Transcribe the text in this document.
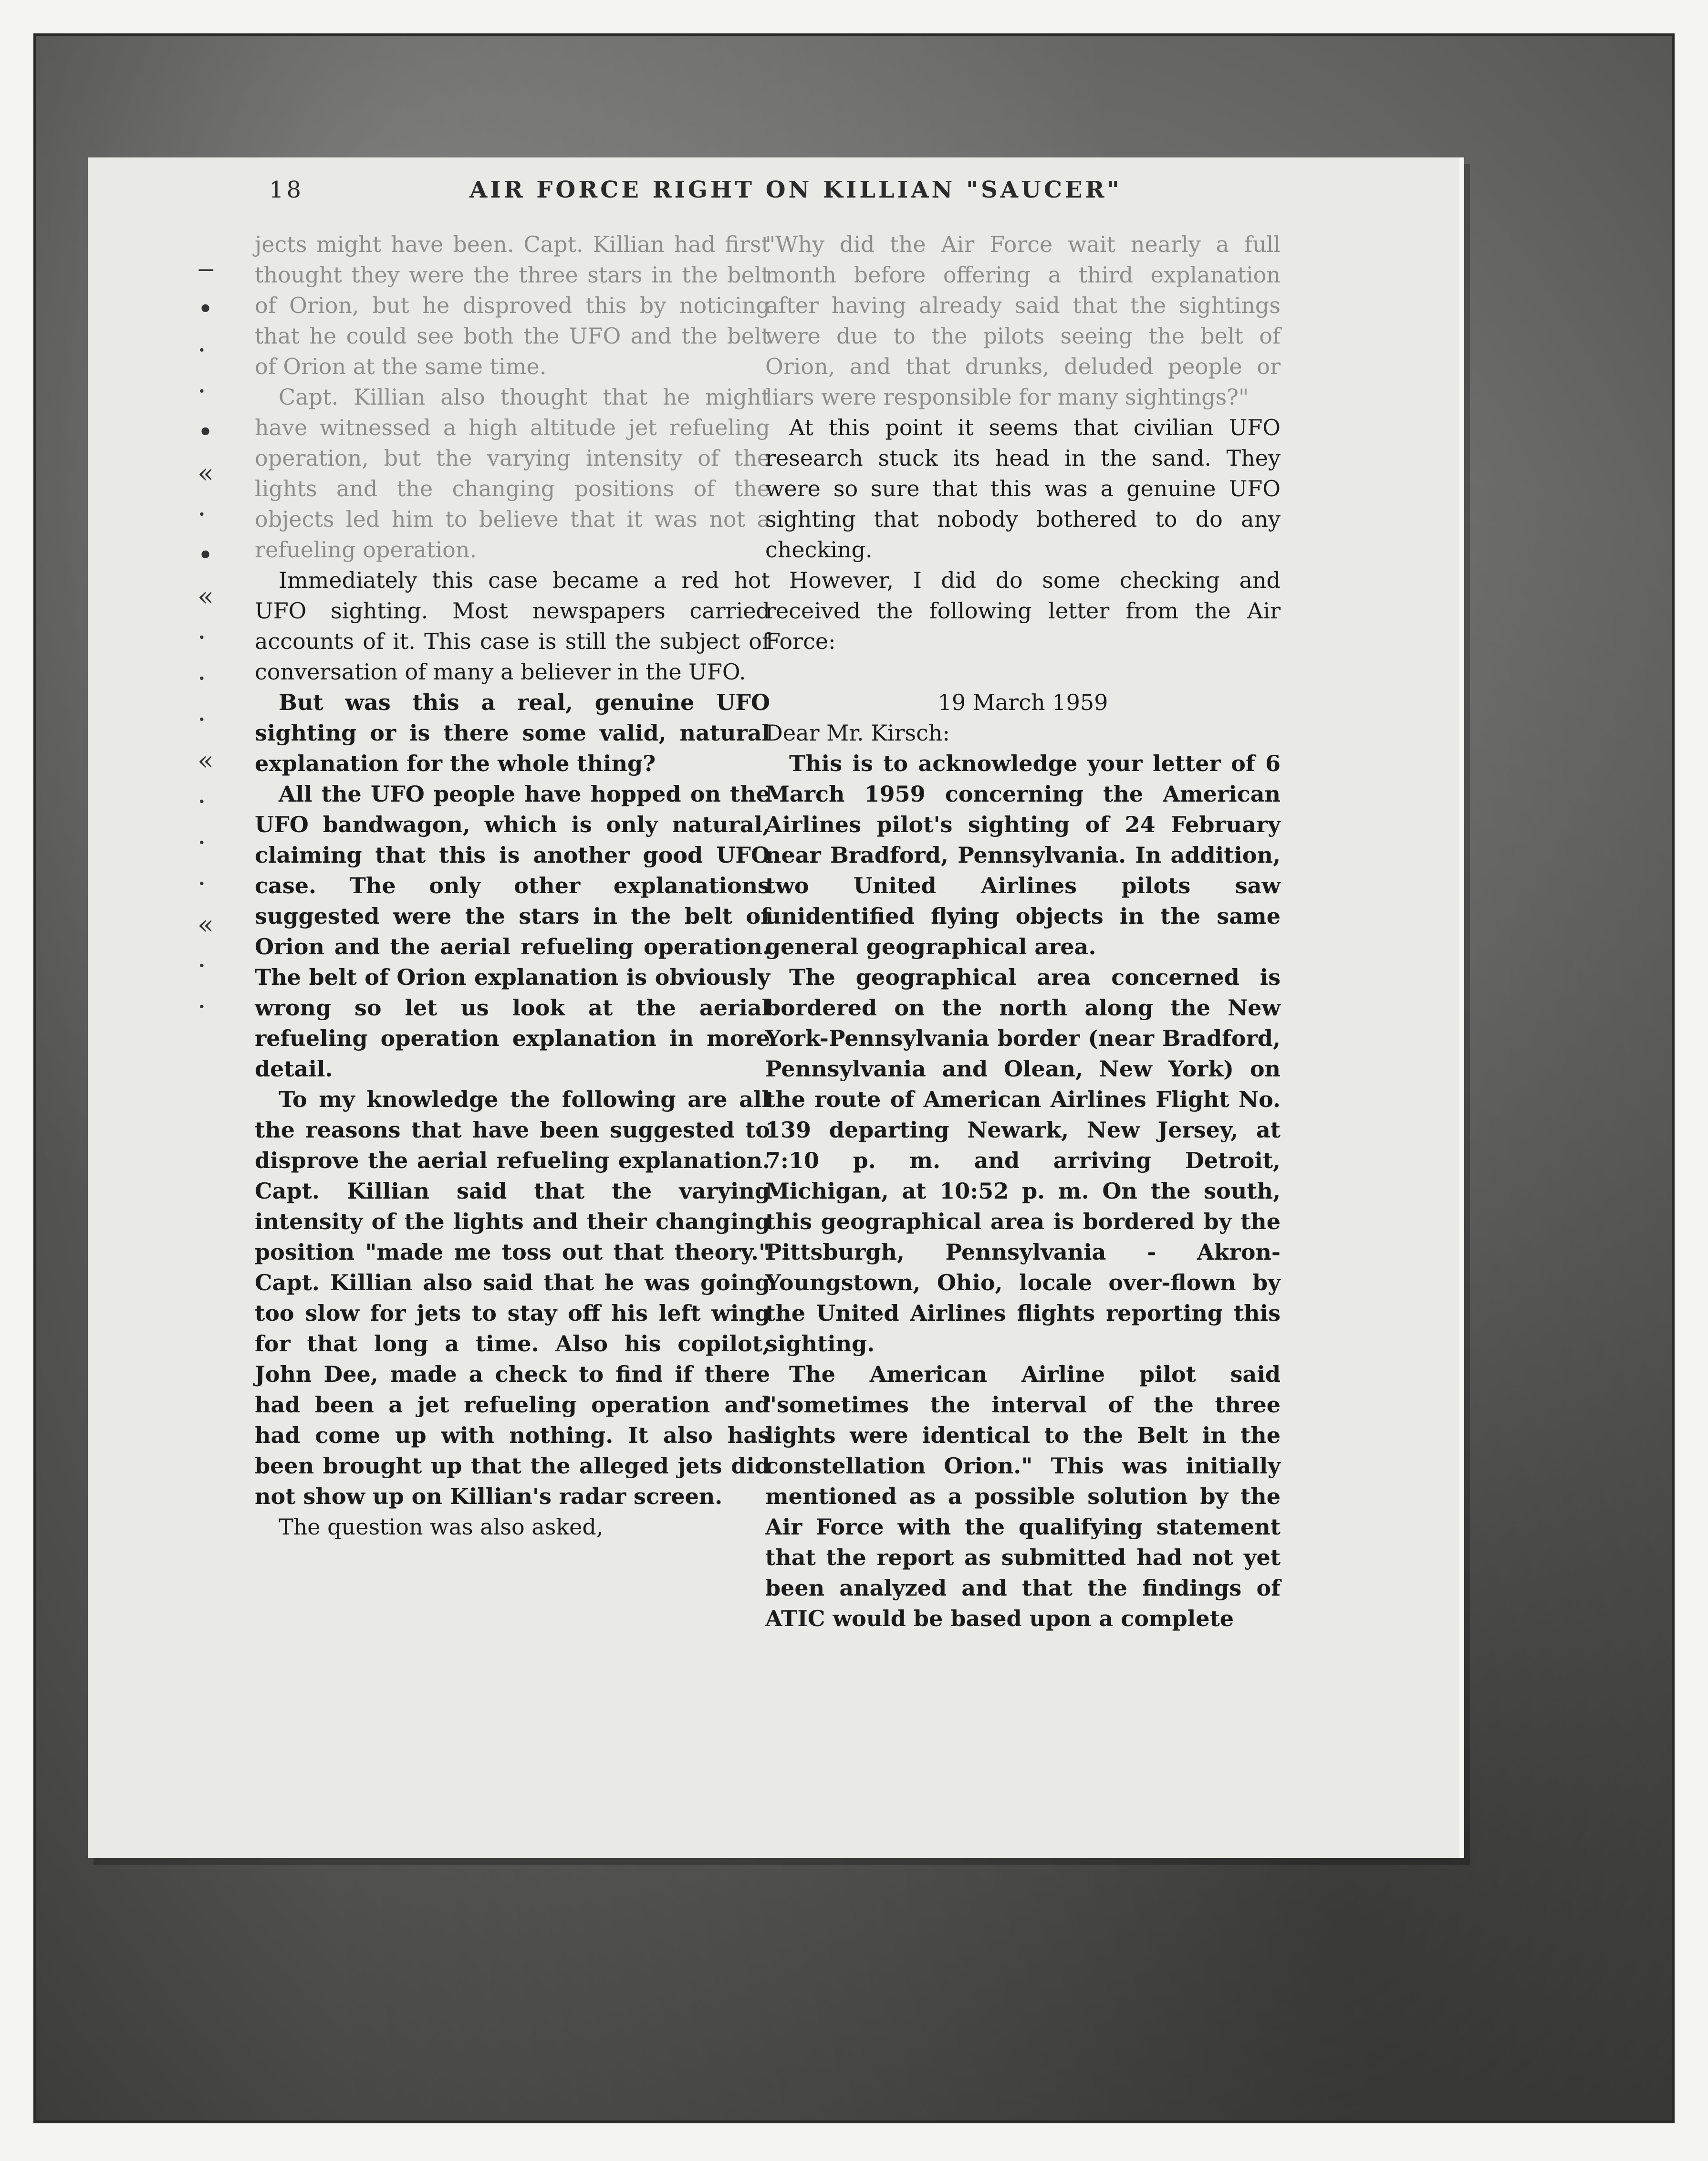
18	AIR FORCE RIGHT ON KILLIAN "SAUCER"
‒
•
·
·
•
«
·
•
«
·
·
·
«
·
·
·
«
·
·

jects might have been. Capt. Killian had first thought they were the three stars in the belt of Orion, but he disproved this by noticing that he could see both the UFO and the belt of Orion at the same time.

Capt. Killian also thought that he might have witnessed a high altitude jet refueling operation, but the varying intensity of the lights and the changing positions of the objects led him to believe that it was not a refueling operation.

Immediately this case became a red hot UFO sighting. Most newspapers carried accounts of it. This case is still the subject of conversation of many a believer in the UFO.

But was this a real, genuine UFO sighting or is there some valid, natural explanation for the whole thing?

All the UFO people have hopped on the UFO bandwagon, which is only natural, claiming that this is another good UFO case. The only other explanations suggested were the stars in the belt of Orion and the aerial refueling operation. The belt of Orion explanation is obviously wrong so let us look at the aerial refueling operation explanation in more detail.

To my knowledge the following are all the reasons that have been suggested to disprove the aerial refueling explanation. Capt. Killian said that the varying intensity of the lights and their changing position "made me toss out that theory." Capt. Killian also said that he was going too slow for jets to stay off his left wing for that long a time. Also his copilot, John Dee, made a check to find if there had been a jet refueling operation and had come up with nothing. It also has been brought up that the alleged jets did not show up on Killian's radar screen.

The question was also asked,

"Why did the Air Force wait nearly a full month before offering a third explanation after having already said that the sightings were due to the pilots seeing the belt of Orion, and that drunks, deluded people or liars were responsible for many sightings?"

At this point it seems that civilian UFO research stuck its head in the sand. They were so sure that this was a genuine UFO sighting that nobody bothered to do any checking.

However, I did do some checking and received the following letter from the Air Force:

19 March 1959

Dear Mr. Kirsch:

This is to acknowledge your letter of 6 March 1959 concerning the American Airlines pilot's sighting of 24 February near Bradford, Pennsylvania. In addition, two United Airlines pilots saw unidentified flying objects in the same general geographical area.

The geographical area concerned is bordered on the north along the New York-Pennsylvania border (near Bradford, Pennsylvania and Olean, New York) on the route of American Airlines Flight No. 139 departing Newark, New Jersey, at 7:10 p. m. and arriving Detroit, Michigan, at 10:52 p. m. On the south, this geographical area is bordered by the Pittsburgh, Pennsylvania - Akron-Youngstown, Ohio, locale over-flown by the United Airlines flights reporting this sighting.

The American Airline pilot said "sometimes the interval of the three lights were identical to the Belt in the constellation Orion." This was initially mentioned as a possible solution by the Air Force with the qualifying statement that the report as submitted had not yet been analyzed and that the findings of ATIC would be based upon a complete
